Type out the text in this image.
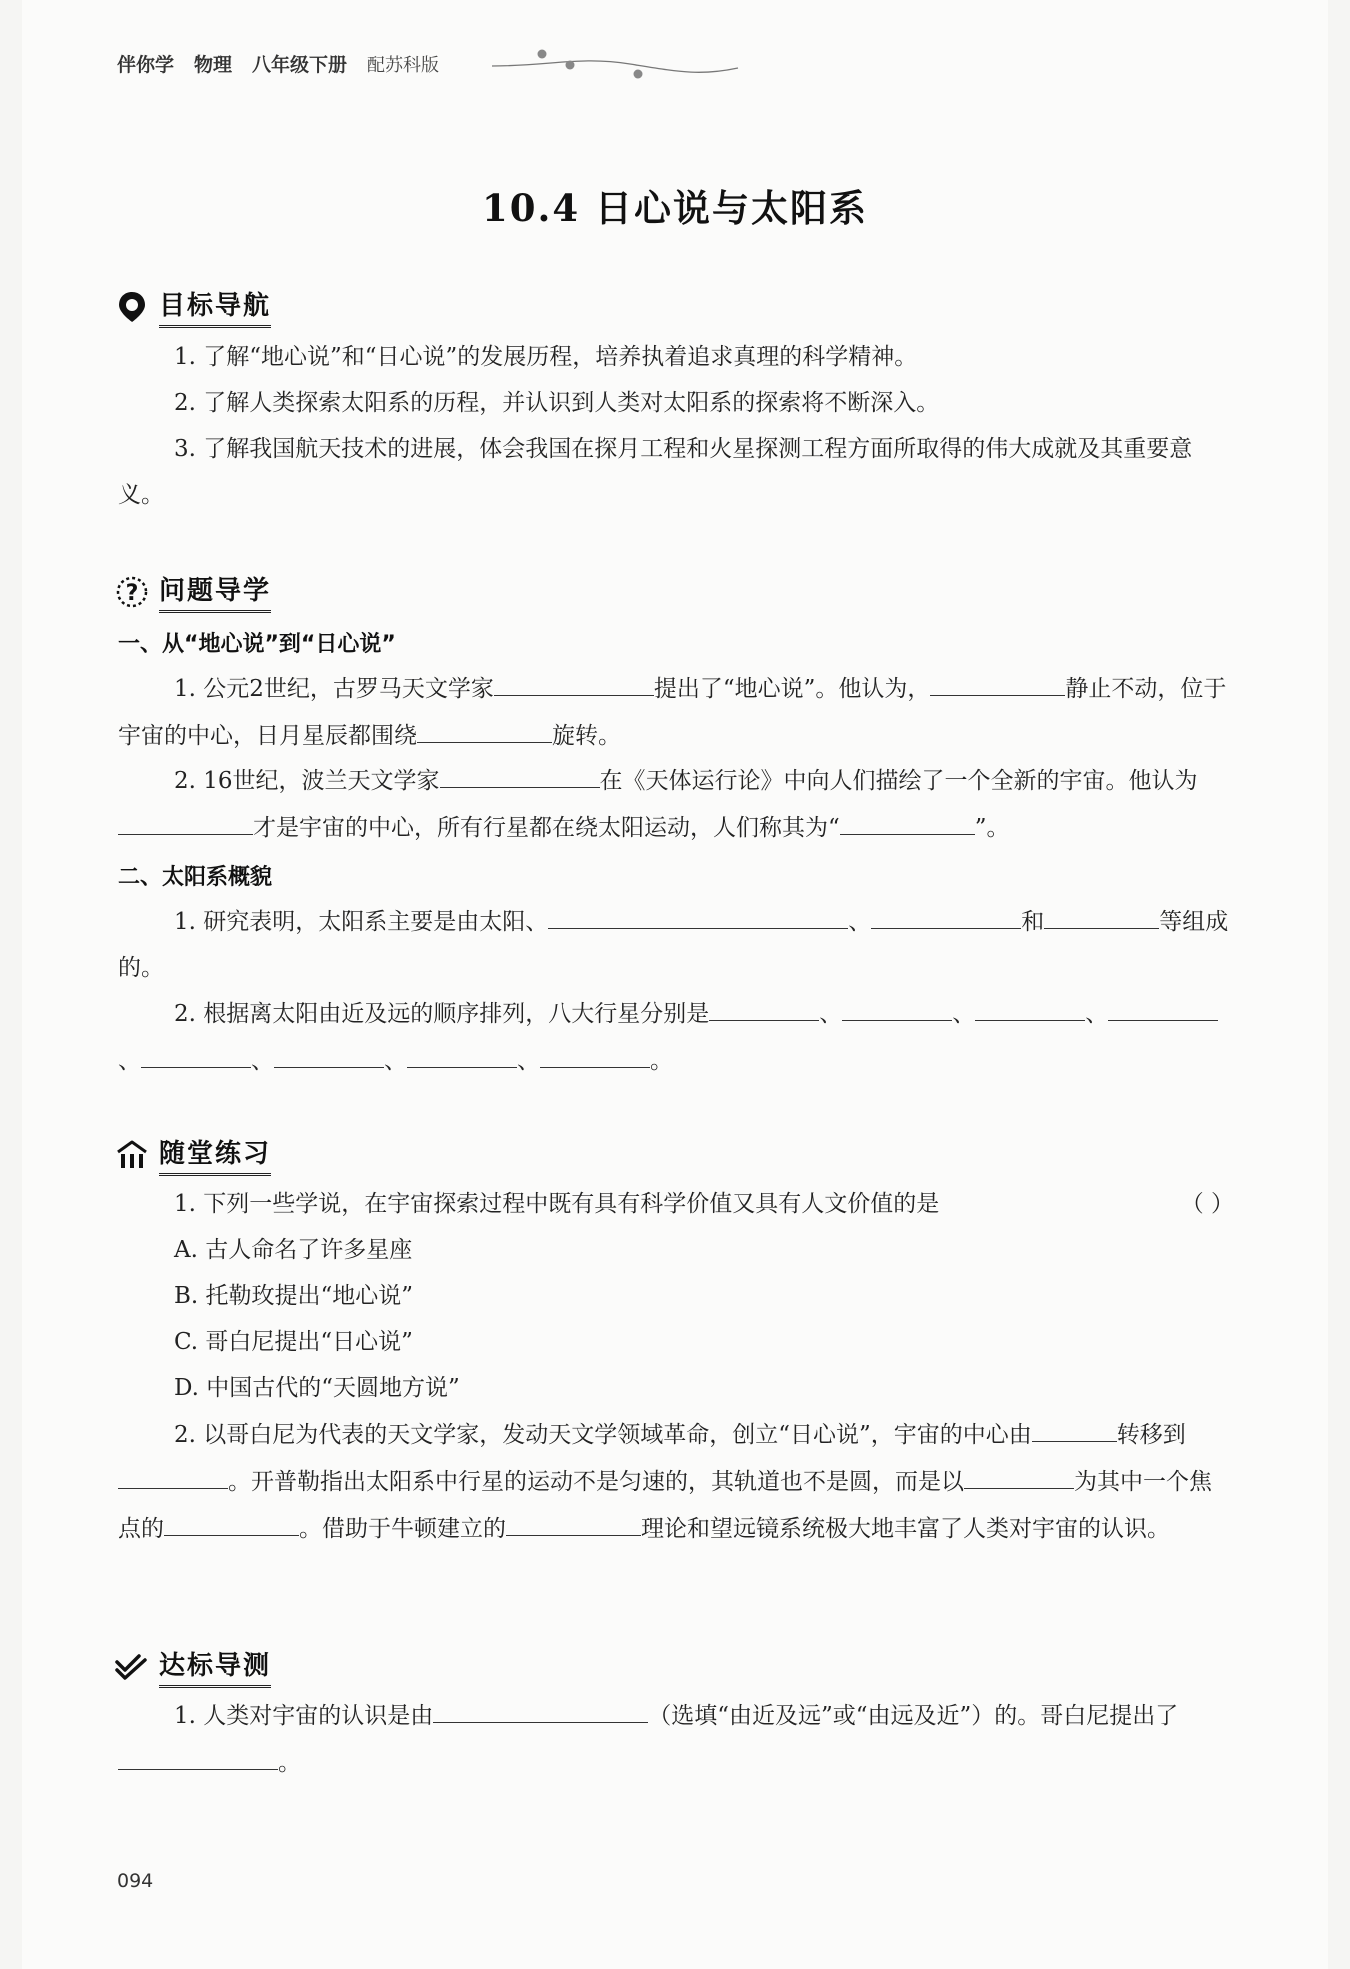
伴你学 物理 八年级下册 配苏科版
10.4 日心说与太阳系
目标导航

1. 了解“地心说”和“日心说”的发展历程，培养执着追求真理的科学精神。

2. 了解人类探索太阳系的历程，并认识到人类对太阳系的探索将不断深入。

3. 了解我国航天技术的进展，体会我国在探月工程和火星探测工程方面所取得的伟大成就及其重要意义。

? 问题导学
一、从“地心说”到“日心说”

1. 公元2世纪，古罗马天文学家	提出了“地心说”。他认为，	静止不动，位于宇宙的中心，日月星辰都围绕	旋转。

2. 16世纪，波兰天文学家	在《天体运行论》中向人们描绘了一个全新的宇宙。他认为才是宇宙的中心，所有行星都在绕太阳运动，人们称其为“	”。

二、太阳系概貌

1. 研究表明，太阳系主要是由太阳、	、	和	等组成的。

2. 根据离太阳由近及远的顺序排列，八大行星分别是	、	、	、、	、	、	、	。

随堂练习

1. 下列一些学说，在宇宙探索过程中既有具有科学价值又具有人文价值的是	（ ）

A. 古人命名了许多星座

B. 托勒玫提出“地心说”

C. 哥白尼提出“日心说”

D. 中国古代的“天圆地方说”

2. 以哥白尼为代表的天文学家，发动天文学领域革命，创立“日心说”，宇宙的中心由	转移到。开普勒指出太阳系中行星的运动不是匀速的，其轨道也不是圆，而是以	为其中一个焦点的	。借助于牛顿建立的	理论和望远镜系统极大地丰富了人类对宇宙的认识。

达标导测

1. 人类对宇宙的认识是由	（选填“由近及远”或“由远及近”）的。哥白尼提出了。

094
